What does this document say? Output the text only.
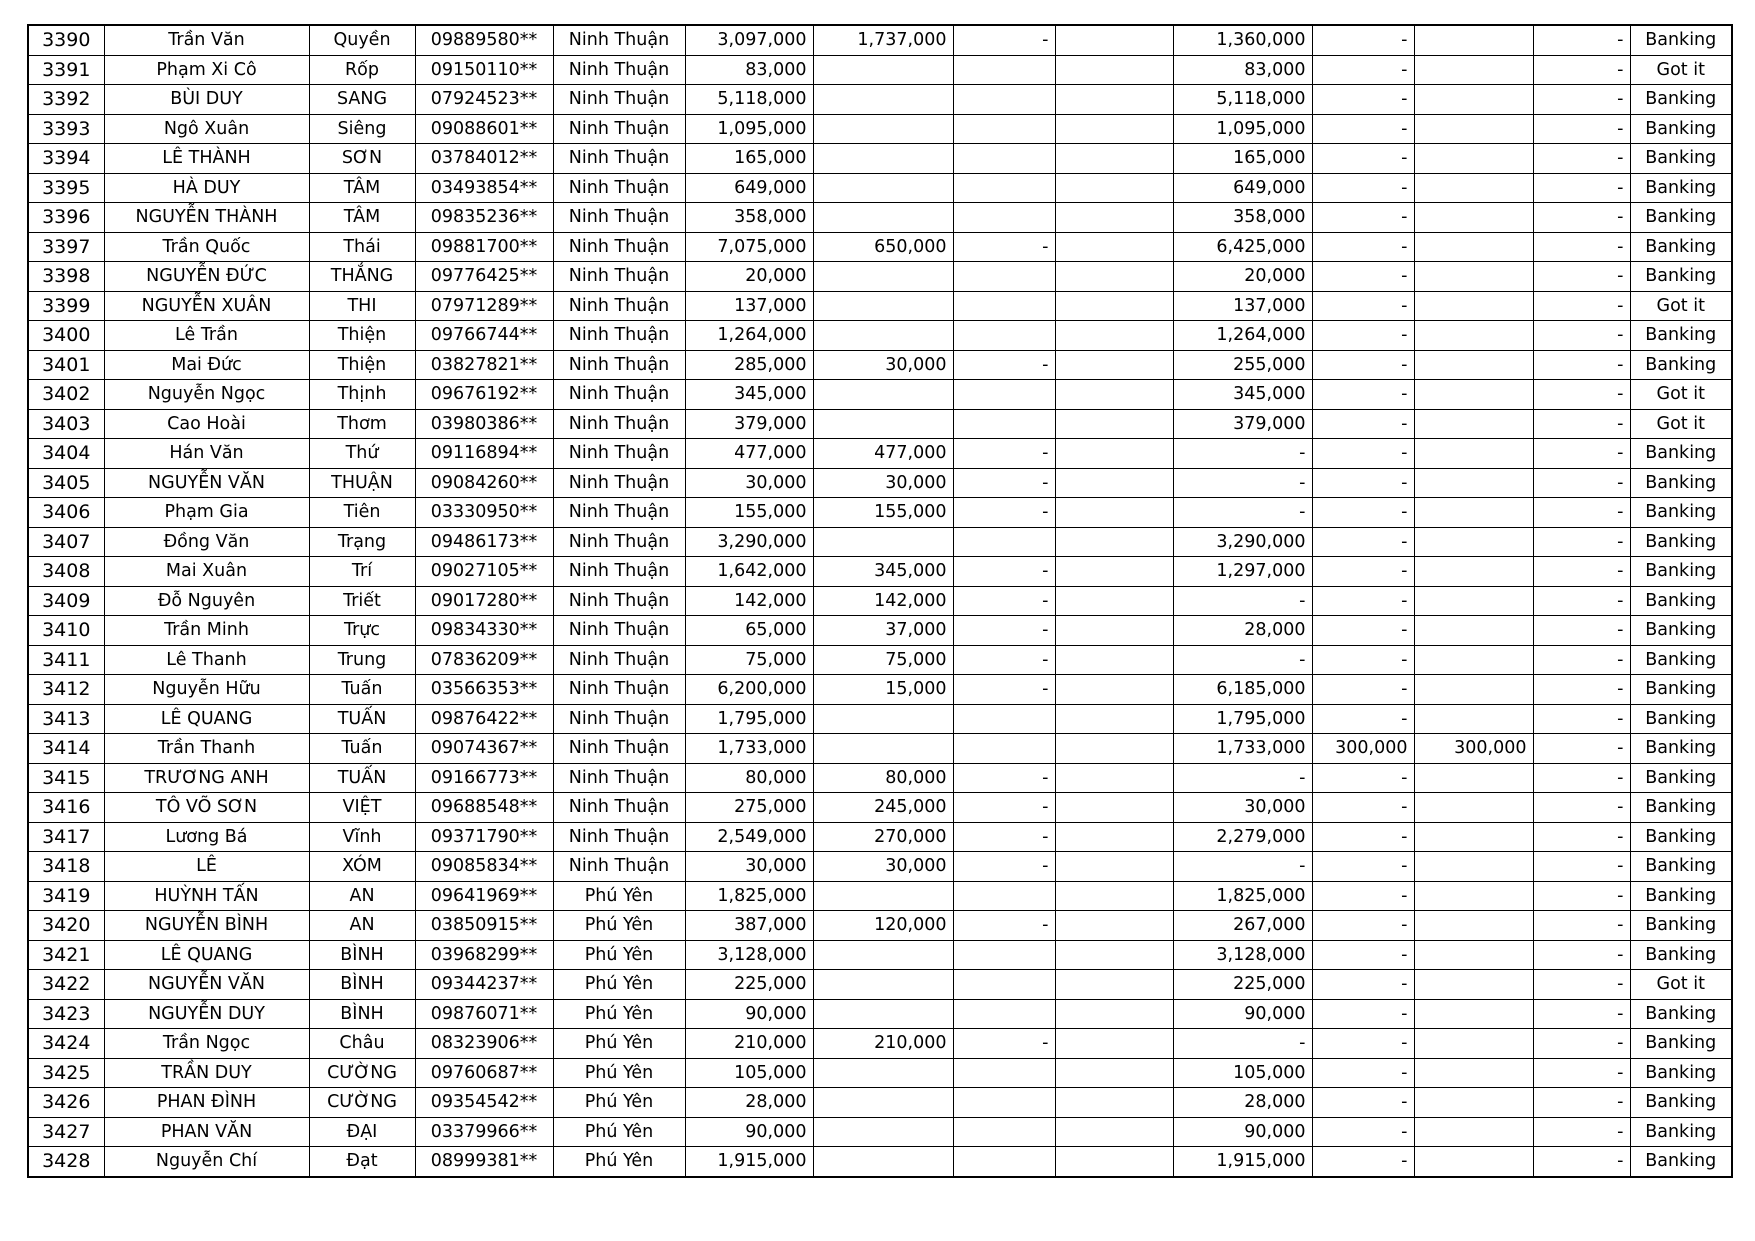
3390	Trần Văn	Quyền	09889580**	Ninh Thuận	3,097,000	1,737,000	-		1,360,000	-		-	Banking
3391	Phạm Xi Cô	Rốp	09150110**	Ninh Thuận	83,000				83,000	-		-	Got it
3392	BÙI DUY	SANG	07924523**	Ninh Thuận	5,118,000				5,118,000	-		-	Banking
3393	Ngô Xuân	Siêng	09088601**	Ninh Thuận	1,095,000				1,095,000	-		-	Banking
3394	LÊ THÀNH	SƠN	03784012**	Ninh Thuận	165,000				165,000	-		-	Banking
3395	HÀ DUY	TÂM	03493854**	Ninh Thuận	649,000				649,000	-		-	Banking
3396	NGUYỄN THÀNH	TÂM	09835236**	Ninh Thuận	358,000				358,000	-		-	Banking
3397	Trần Quốc	Thái	09881700**	Ninh Thuận	7,075,000	650,000	-		6,425,000	-		-	Banking
3398	NGUYỄN ĐỨC	THẮNG	09776425**	Ninh Thuận	20,000				20,000	-		-	Banking
3399	NGUYỄN XUÂN	THI	07971289**	Ninh Thuận	137,000				137,000	-		-	Got it
3400	Lê Trần	Thiện	09766744**	Ninh Thuận	1,264,000				1,264,000	-		-	Banking
3401	Mai Đức	Thiện	03827821**	Ninh Thuận	285,000	30,000	-		255,000	-		-	Banking
3402	Nguyễn Ngọc	Thịnh	09676192**	Ninh Thuận	345,000				345,000	-		-	Got it
3403	Cao Hoài	Thơm	03980386**	Ninh Thuận	379,000				379,000	-		-	Got it
3404	Hán Văn	Thứ	09116894**	Ninh Thuận	477,000	477,000	-		-	-		-	Banking
3405	NGUYỄN VĂN	THUẬN	09084260**	Ninh Thuận	30,000	30,000	-		-	-		-	Banking
3406	Phạm Gia	Tiên	03330950**	Ninh Thuận	155,000	155,000	-		-	-		-	Banking
3407	Đồng Văn	Trạng	09486173**	Ninh Thuận	3,290,000				3,290,000	-		-	Banking
3408	Mai Xuân	Trí	09027105**	Ninh Thuận	1,642,000	345,000	-		1,297,000	-		-	Banking
3409	Đỗ Nguyên	Triết	09017280**	Ninh Thuận	142,000	142,000	-		-	-		-	Banking
3410	Trần Minh	Trực	09834330**	Ninh Thuận	65,000	37,000	-		28,000	-		-	Banking
3411	Lê Thanh	Trung	07836209**	Ninh Thuận	75,000	75,000	-		-	-		-	Banking
3412	Nguyễn Hữu	Tuấn	03566353**	Ninh Thuận	6,200,000	15,000	-		6,185,000	-		-	Banking
3413	LÊ QUANG	TUẤN	09876422**	Ninh Thuận	1,795,000				1,795,000	-		-	Banking
3414	Trần Thanh	Tuấn	09074367**	Ninh Thuận	1,733,000				1,733,000	300,000	300,000	-	Banking
3415	TRƯƠNG ANH	TUẤN	09166773**	Ninh Thuận	80,000	80,000	-		-	-		-	Banking
3416	TÔ VÕ SƠN	VIỆT	09688548**	Ninh Thuận	275,000	245,000	-		30,000	-		-	Banking
3417	Lương Bá	Vĩnh	09371790**	Ninh Thuận	2,549,000	270,000	-		2,279,000	-		-	Banking
3418	LÊ	XÓM	09085834**	Ninh Thuận	30,000	30,000	-		-	-		-	Banking
3419	HUỲNH TẤN	AN	09641969**	Phú Yên	1,825,000				1,825,000	-		-	Banking
3420	NGUYỄN BÌNH	AN	03850915**	Phú Yên	387,000	120,000	-		267,000	-		-	Banking
3421	LÊ QUANG	BÌNH	03968299**	Phú Yên	3,128,000				3,128,000	-		-	Banking
3422	NGUYỄN VĂN	BÌNH	09344237**	Phú Yên	225,000				225,000	-		-	Got it
3423	NGUYỄN DUY	BÌNH	09876071**	Phú Yên	90,000				90,000	-		-	Banking
3424	Trần Ngọc	Châu	08323906**	Phú Yên	210,000	210,000	-		-	-		-	Banking
3425	TRẦN DUY	CƯỜNG	09760687**	Phú Yên	105,000				105,000	-		-	Banking
3426	PHAN ĐÌNH	CƯỜNG	09354542**	Phú Yên	28,000				28,000	-		-	Banking
3427	PHAN VĂN	ĐẠI	03379966**	Phú Yên	90,000				90,000	-		-	Banking
3428	Nguyễn Chí	Đạt	08999381**	Phú Yên	1,915,000				1,915,000	-		-	Banking
